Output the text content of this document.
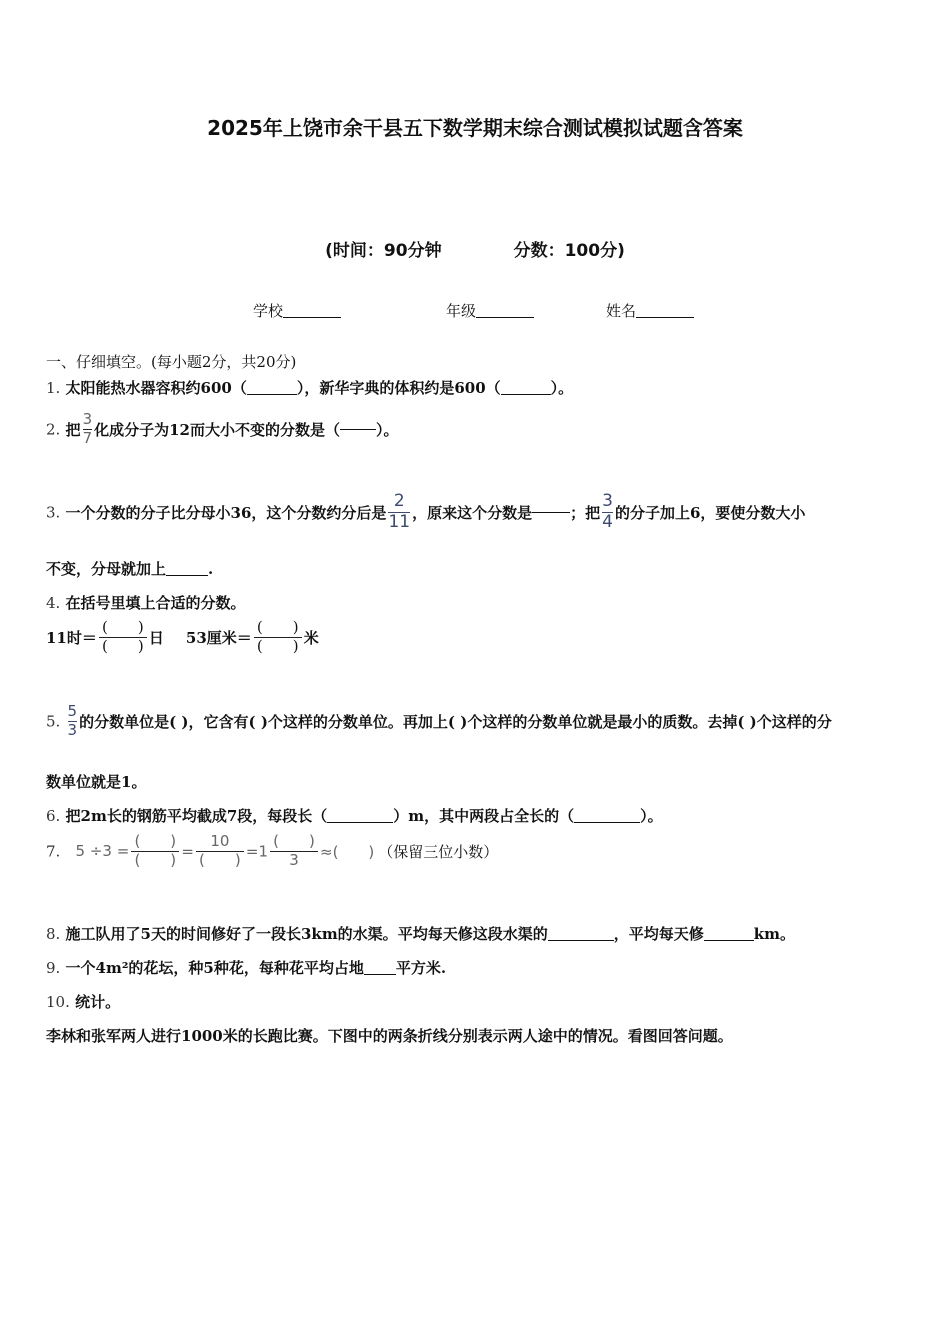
2025年上饶市余干县五下数学期末综合测试模拟试题含答案
(时间：90分钟	分数：100分)
学校	年级	姓名
一、仔细填空。(每小题2分，共20分)
1. 太阳能热水器容积约600（	），新华字典的体积约是600（	）。
2. 把 $\frac{3}{7}$ 化成分子为12而大小不变的分数是（ ）。
3. 一个分数的分子比分母小36，这个分数约分后是 $\frac{2}{11}$ ，原来这个分数是	；把 $\frac{3}{4}$ 的分子加上6，要使分数大小
不变，分母就加上	.
4. 在括号里填上合适的分数。
11时＝ $\frac{( )}{( )}$ 日 53厘米＝ $\frac{( )}{( )}$ 米
5. $\frac{5}{3}$ 的分数单位是( )，它含有( )个这样的分数单位。再加上( )个这样的分数单位就是最小的质数。去掉( )个这样的分
数单位就是1。
6. 把2m长的钢筋平均截成7段，每段长（	）m，其中两段占全长的（	）。
7. $5 \div 3 = \frac{( )}{( )} = \frac{10}{( )} =1 \frac{( )}{3}$ ≈(　　) （保留三位小数）
8. 施工队用了5天的时间修好了一段长3km的水渠。平均每天修这段水渠的	，平均每天修	km。
9. 一个4m²的花坛，种5种花，每种花平均占地 平方米.
10. 统计。
李林和张军两人进行1000米的长跑比赛。下图中的两条折线分别表示两人途中的情况。看图回答问题。
